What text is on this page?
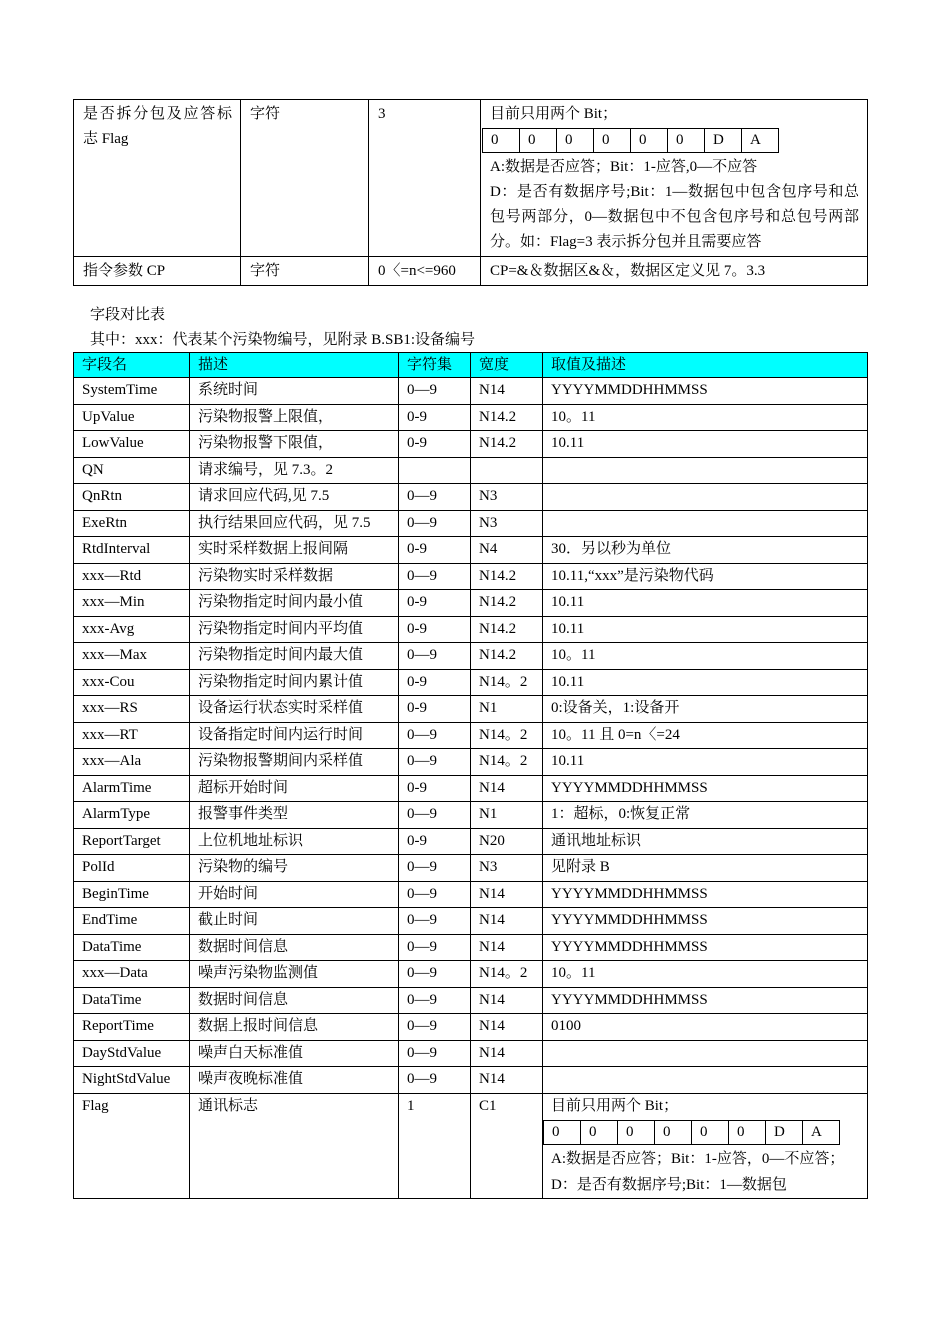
是否拆分包及应答标志 Flag	字符	3	目前只用两个 Bit；
0	0	0	0	0	0	D	A
A:数据是否应答；Bit：1-应答,0—不应答
D：是否有数据序号;Bit：1—数据包中包含包序号和总包号两部分，0—数据包中不包含包序号和总包号两部分。如：Flag=3 表示拆分包并且需要应答

指令参数 CP	字符	0〈=n<=960	CP=&＆数据区&＆，数据区定义见 7。3.3
字段对比表
其中：xxx：代表某个污染物编号，见附录 B.SB1:设备编号
字段名	描述	字符集	宽度	取值及描述
SystemTime	系统时间	0—9	N14	YYYYMMDDHHMMSS
UpValue	污染物报警上限值，	0-9	N14.2	10。11
LowValue	污染物报警下限值，	0-9	N14.2	10.11
QN	请求编号，见 7.3。2			
QnRtn	请求回应代码,见 7.5	0—9	N3	
ExeRtn	执行结果回应代码，见 7.5	0—9	N3	
RtdInterval	实时采样数据上报间隔	0-9	N4	30．另以秒为单位
xxx—Rtd	污染物实时采样数据	0—9	N14.2	10.11,“xxx”是污染物代码
xxx—Min	污染物指定时间内最小值	0-9	N14.2	10.11
xxx-Avg	污染物指定时间内平均值	0-9	N14.2	10.11
xxx—Max	污染物指定时间内最大值	0—9	N14.2	10。11
xxx-Cou	污染物指定时间内累计值	0-9	N14。2	10.11
xxx—RS	设备运行状态实时采样值	0-9	N1	0:设备关，1:设备开
xxx—RT	设备指定时间内运行时间	0—9	N14。2	10。11 且 0=n〈=24
xxx—Ala	污染物报警期间内采样值	0—9	N14。2	10.11
AlarmTime	超标开始时间	0-9	N14	YYYYMMDDHHMMSS
AlarmType	报警事件类型	0—9	N1	1：超标，0:恢复正常
ReportTarget	上位机地址标识	0-9	N20	通讯地址标识
PolId	污染物的编号	0—9	N3	见附录 B
BeginTime	开始时间	0—9	N14	YYYYMMDDHHMMSS
EndTime	截止时间	0—9	N14	YYYYMMDDHHMMSS
DataTime	数据时间信息	0—9	N14	YYYYMMDDHHMMSS
xxx—Data	噪声污染物监测值	0—9	N14。2	10。11
DataTime	数据时间信息	0—9	N14	YYYYMMDDHHMMSS
ReportTime	数据上报时间信息	0—9	N14	0100
DayStdValue	噪声白天标准值	0—9	N14	
NightStdValue	噪声夜晚标准值	0—9	N14	
Flag	通讯标志	1	C1	目前只用两个 Bit；
0	0	0	0	0	0	D	A
A:数据是否应答；Bit：1-应答，0—不应答；D：是否有数据序号;Bit：1—数据包
